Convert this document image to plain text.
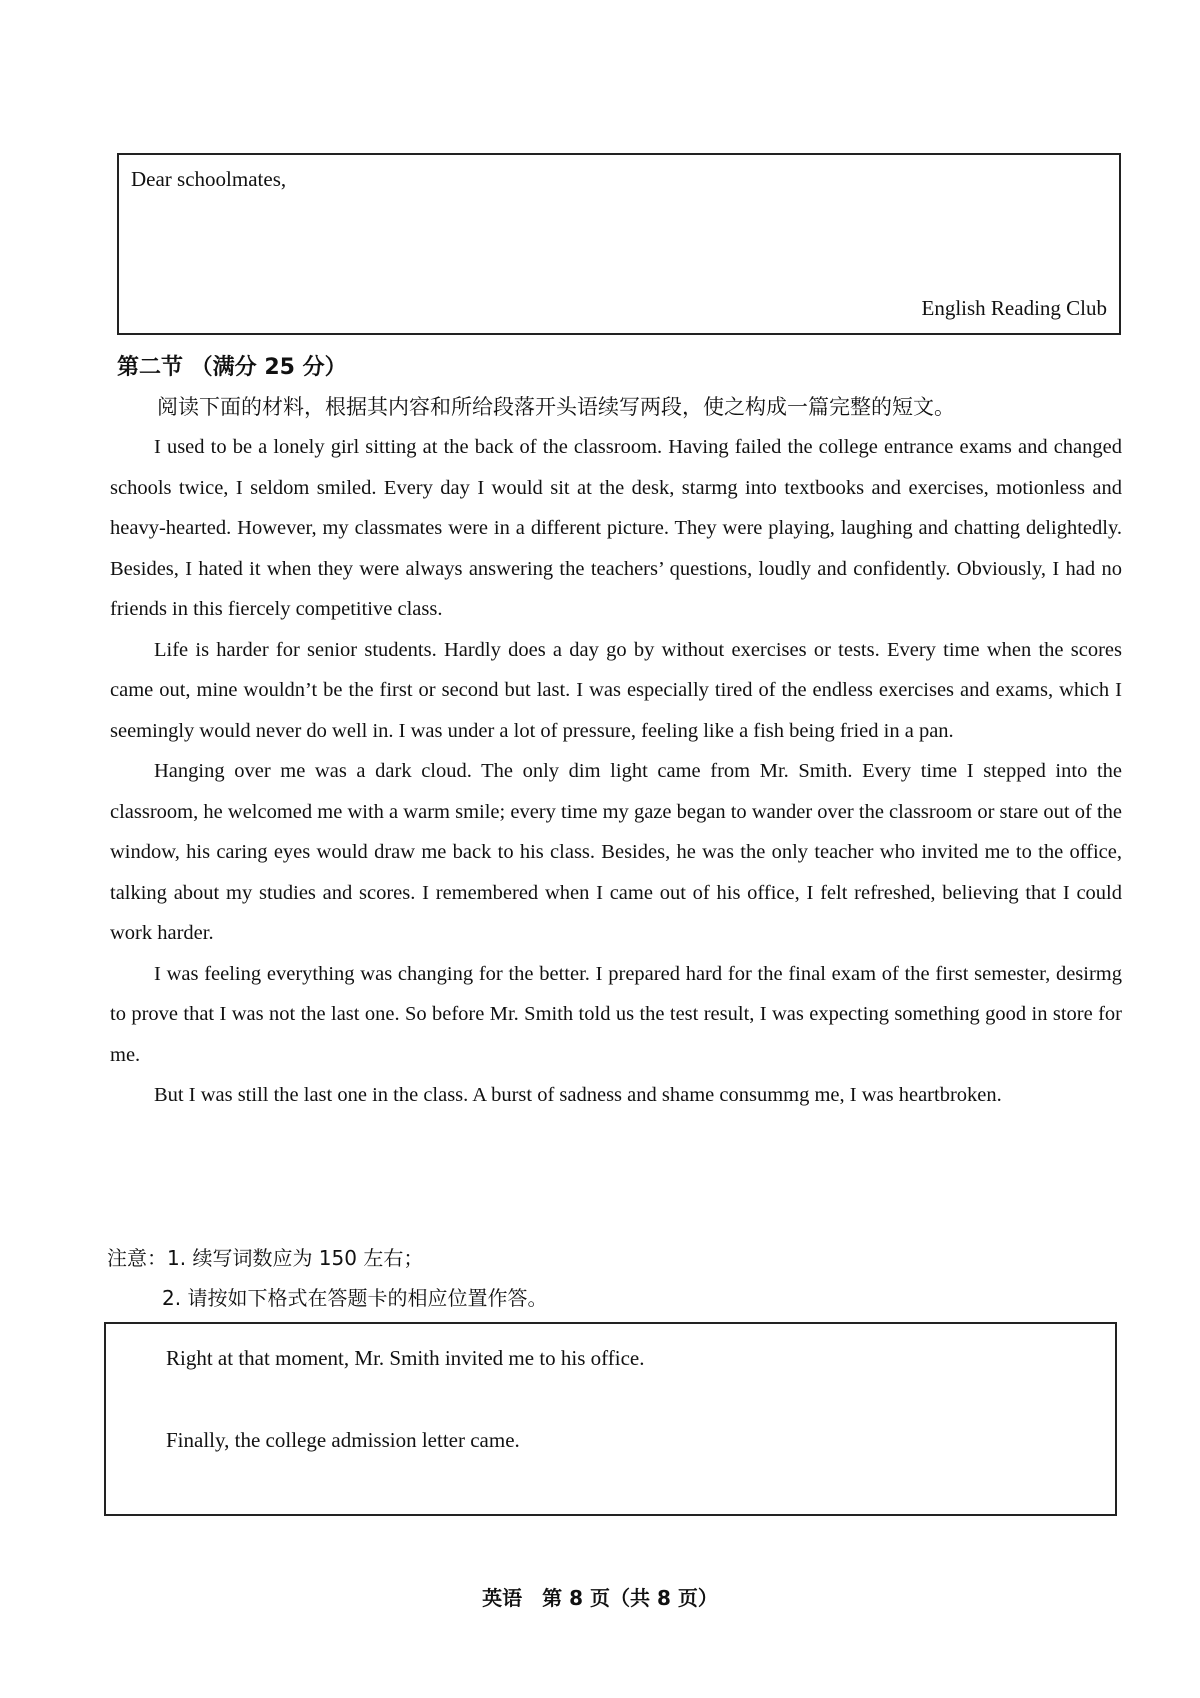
Dear schoolmates,
English Reading Club
第二节 （满分 25 分）
阅读下面的材料，根据其内容和所给段落开头语续写两段，使之构成一篇完整的短文。

I used to be a lonely girl sitting at the back of the classroom. Having failed the college entrance exams and changed schools twice, I seldom smiled. Every day I would sit at the desk, starmg into textbooks and exercises, motionless and heavy-hearted. However, my classmates were in a different picture. They were playing, laughing and chatting delightedly. Besides, I hated it when they were always answering the teachers’ questions, loudly and confidently. Obviously, I had no friends in this fiercely competitive class.

Life is harder for senior students. Hardly does a day go by without exercises or tests. Every time when the scores came out, mine wouldn’t be the first or second but last. I was especially tired of the endless exercises and exams, which I seemingly would never do well in. I was under a lot of pressure, feeling like a fish being fried in a pan.

Hanging over me was a dark cloud. The only dim light came from Mr. Smith. Every time I stepped into the classroom, he welcomed me with a warm smile; every time my gaze began to wander over the classroom or stare out of the window, his caring eyes would draw me back to his class. Besides, he was the only teacher who invited me to the office, talking about my studies and scores. I remembered when I came out of his office, I felt refreshed, believing that I could work harder.

I was feeling everything was changing for the better. I prepared hard for the final exam of the first semester, desirmg to prove that I was not the last one. So before Mr. Smith told us the test result, I was expecting something good in store for me.

But I was still the last one in the class. A burst of sadness and shame consummg me, I was heartbroken.

注意：1. 续写词数应为 150 左右；
2. 请按如下格式在答题卡的相应位置作答。
Right at that moment, Mr. Smith invited me to his office.
Finally, the college admission letter came.
英语　第 8 页（共 8 页）
